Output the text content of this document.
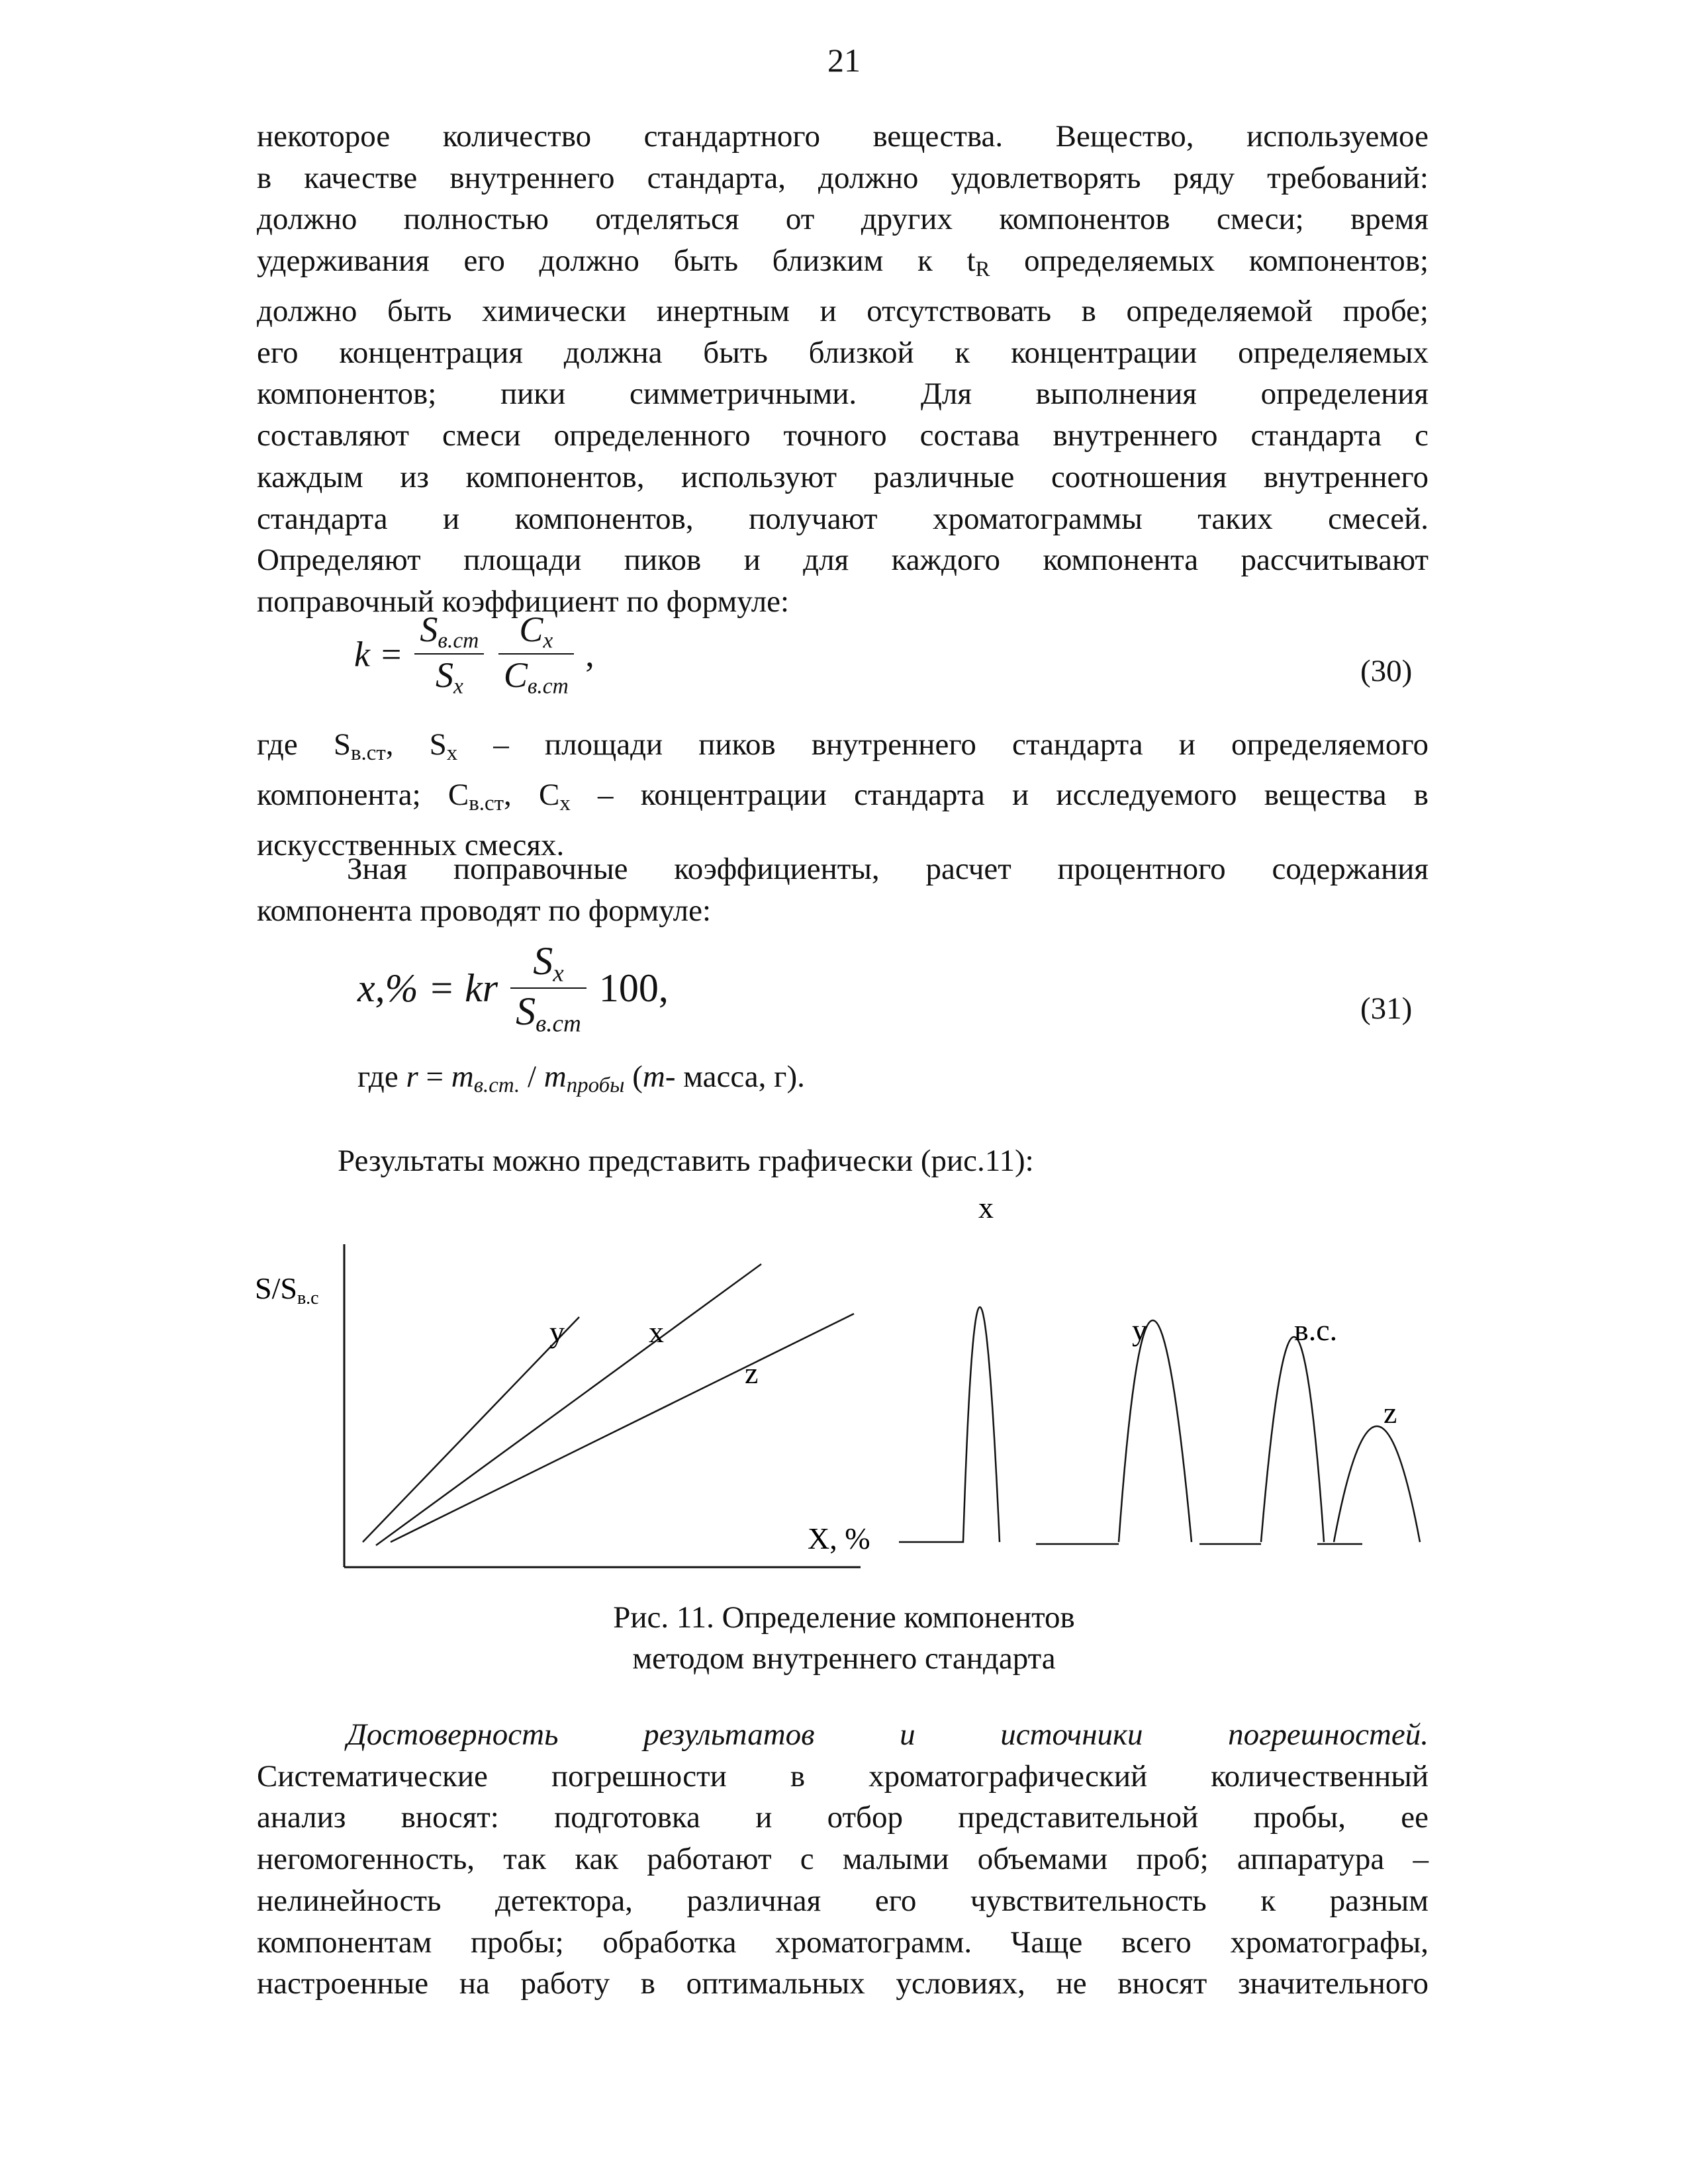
21

некоторое количество стандартного вещества. Вещество, используемое

в качестве внутреннего стандарта, должно удовлетворять ряду требований:

должно полностью отделяться от других компонентов смеси; время

удерживания его должно быть близким к tR определяемых компонентов;

должно быть химически инертным и отсутствовать в определяемой пробе;

его концентрация должна быть близкой к концентрации определяемых

компонентов; пики симметричными. Для выполнения определения

составляют смеси определенного точного состава внутреннего стандарта с

каждым из компонентов, используют различные соотношения внутреннего

стандарта и компонентов, получают хроматограммы таких смесей.

Определяют площади пиков и для каждого компонента рассчитывают

поправочный коэффициент по формуле:

$k = \frac{S_{в.ст}}{S_x}$
$\frac{C_x}{C_{в.ст}}$ ,	(30)

где Sв.ст, Sx – площади пиков внутреннего стандарта и определяемого

компонента; Cв.ст, Cx – концентрации стандарта и исследуемого вещества в

искусственных смесях.

Зная поправочные коэффициенты, расчет процентного содержания

компонента проводят по формуле:

x,% = kr $\frac{S_x}{S_{в.ст}} 100$,	(31)
где r = mв.ст. / mпробы (m- масса, г).
Результаты можно представить графически (рис.11):
S/Sв.с
X, %
y	x
z
x
y	в.с.
z
Рис. 11. Определение компонентов
методом внутреннего стандарта

Достоверность	результатов	и	источники	погрешностей.

Систематические погрешности в хроматографический количественный

анализ вносят: подготовка и отбор представительной пробы, ее

негомогенность, так как работают с малыми объемами проб; аппаратура –

нелинейность детектора, различная его чувствительность к разным

компонентам пробы; обработка хроматограмм. Чаще всего хроматографы,

настроенные на работу в оптимальных условиях, не вносят значительного
